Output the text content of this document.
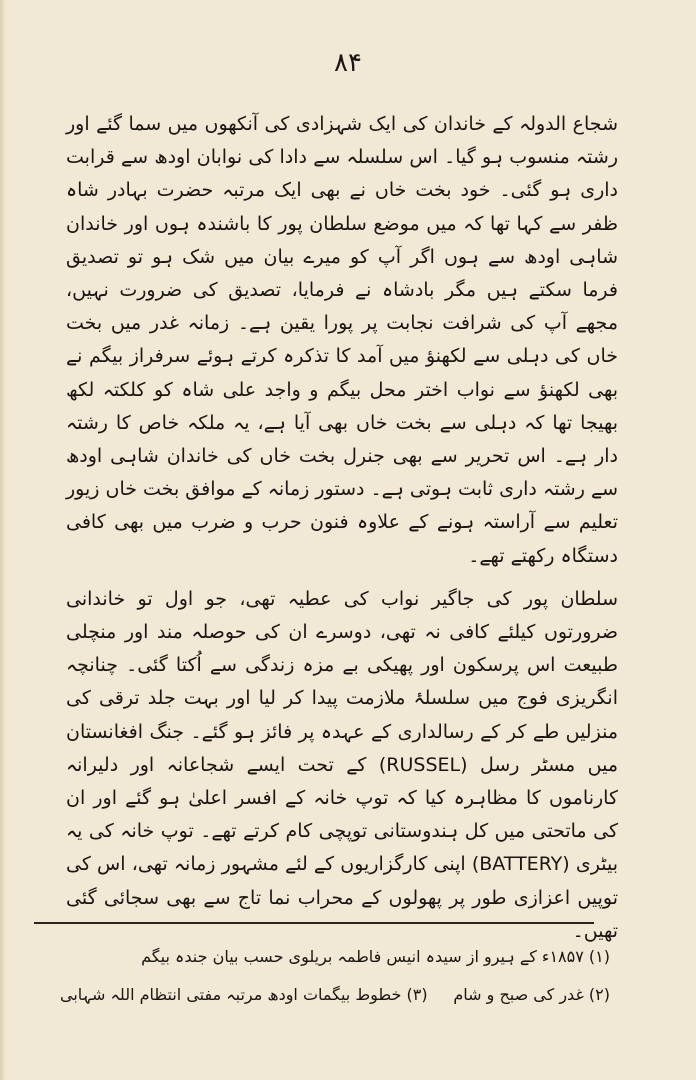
۸۴

شجاع الدولہ کے خاندان کی ایک شہزادی کی آنکھوں میں سما گئے اور رشتہ منسوب ہو گیا۔ اس سلسلہ سے دادا کی نوابان اودھ سے قرابت داری ہو گئی۔ خود بخت خاں نے بھی ایک مرتبہ حضرت بہادر شاہ ظفر سے کہا تھا کہ میں موضع سلطان پور کا باشندہ ہوں اور خاندان شاہی اودھ سے ہوں اگر آپ کو میرے بیان میں شک ہو تو تصدیق فرما سکتے ہیں مگر بادشاہ نے فرمایا، تصدیق کی ضرورت نہیں، مجھے آپ کی شرافت نجابت پر پورا یقین ہے۔ زمانہ غدر میں بخت خاں کی دہلی سے لکھنؤ میں آمد کا تذکرہ کرتے ہوئے سرفراز بیگم نے بھی لکھنؤ سے نواب اختر محل بیگم و واجد علی شاہ کو کلکتہ لکھ بھیجا تھا کہ دہلی سے بخت خاں بھی آیا ہے، یہ ملکہ خاص کا رشتہ دار ہے۔ اس تحریر سے بھی جنرل بخت خاں کی خاندان شاہی اودھ سے رشتہ داری ثابت ہوتی ہے۔ دستور زمانہ کے موافق بخت خاں زیور تعلیم سے آراستہ ہونے کے علاوہ فنون حرب و ضرب میں بھی کافی دستگاہ رکھتے تھے۔

سلطان پور کی جاگیر نواب کی عطیہ تھی، جو اول تو خاندانی ضرورتوں کیلئے کافی نہ تھی، دوسرے ان کی حوصلہ مند اور منچلی طبیعت اس پرسکون اور پھیکی بے مزہ زندگی سے اُکتا گئی۔ چنانچہ انگریزی فوج میں سلسلۂ ملازمت پیدا کر لیا اور بہت جلد ترقی کی منزلیں طے کر کے رسالداری کے عہدہ پر فائز ہو گئے۔ جنگ افغانستان میں مسٹر رسل (RUSSEL) کے تحت ایسے شجاعانہ اور دلیرانہ کارناموں کا مظاہرہ کیا کہ توپ خانہ کے افسر اعلیٰ ہو گئے اور ان کی ماتحتی میں کل ہندوستانی توپچی کام کرتے تھے۔ توپ خانہ کی یہ بیٹری (BATTERY) اپنی کارگزاریوں کے لئے مشہور زمانہ تھی، اس کی توپیں اعزازی طور پر پھولوں کے محراب نما تاج سے بھی سجائی گئی تھیں۔

(۱) ۱۸۵۷ء کے ہیرو از سیدہ انیس فاطمہ بریلوی حسب بیان جندہ بیگم
(۲) غدر کی صبح و شام
(۳) خطوط بیگمات اودھ مرتبہ مفتی انتظام اللہ شہابی
